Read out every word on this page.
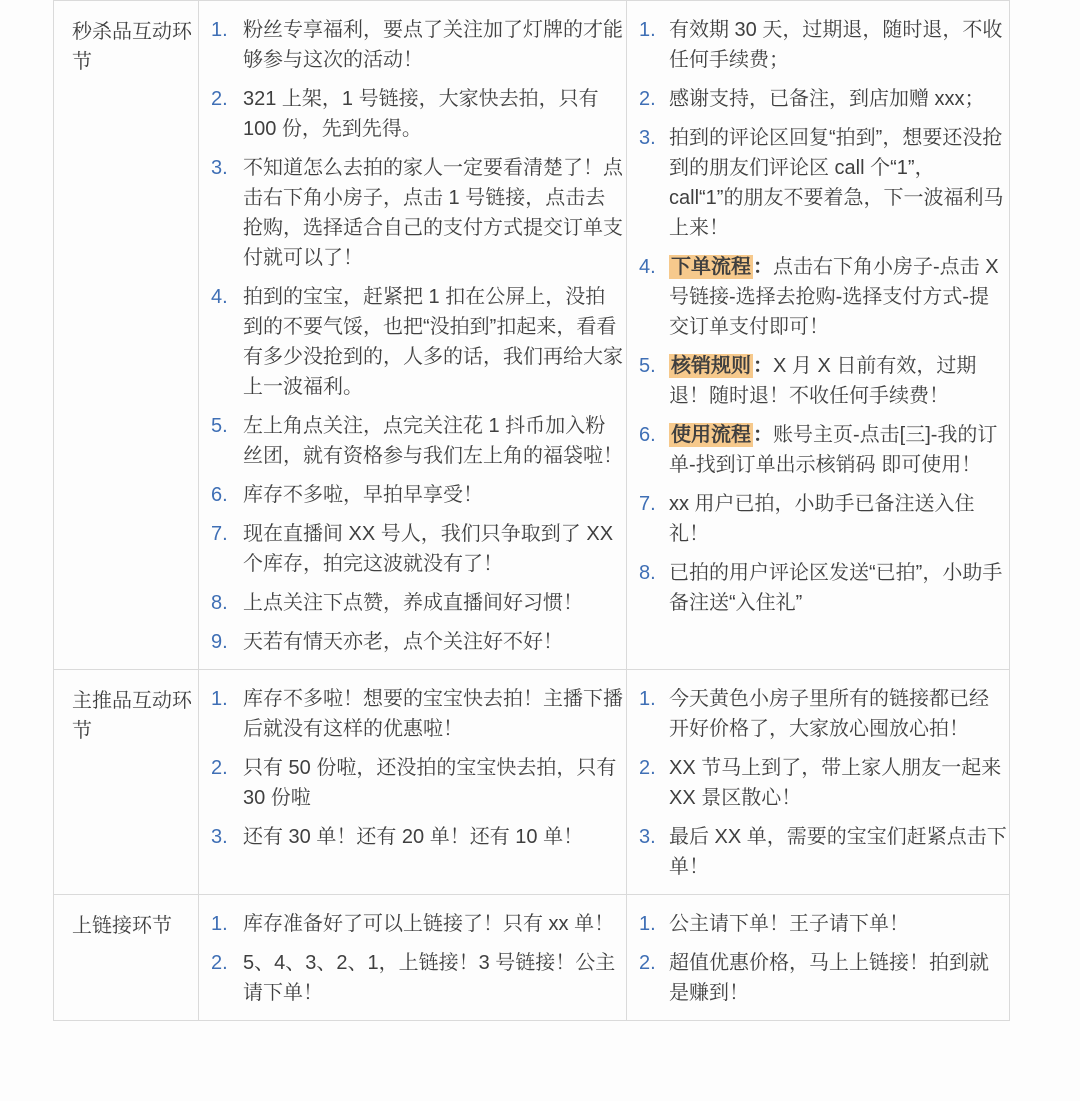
秒杀品互动环节
1. 粉丝专享福利，要点了关注加了灯牌的才能够参与这次的活动！
2. 321 上架，1 号链接，大家快去拍，只有 100 份，先到先得。
3. 不知道怎么去拍的家人一定要看清楚了！点击右下角小房子，点击 1 号链接，点击去抢购，选择适合自己的支付方式提交订单支付就可以了！
4. 拍到的宝宝，赶紧把 1 扣在公屏上，没拍到的不要气馁，也把“没拍到”扣起来，看看有多少没抢到的，人多的话，我们再给大家上一波福利。
5. 左上角点关注，点完关注花 1 抖币加入粉丝团，就有资格参与我们左上角的福袋啦！
6. 库存不多啦，早拍早享受！
7. 现在直播间 XX 号人，我们只争取到了 XX 个库存，拍完这波就没有了！
8. 上点关注下点赞，养成直播间好习惯！
9. 天若有情天亦老，点个关注好不好！
1. 有效期 30 天，过期退，随时退，不收任何手续费；
2. 感谢支持，已备注，到店加赠 xxx；
3. 拍到的评论区回复“拍到”，想要还没抢到的朋友们评论区 call 个“1”，call“1”的朋友不要着急，下一波福利马上来！
4. 下单流程 ：点击右下角小房子-点击 X 号链接-选择去抢购-选择支付方式-提交订单支付即可！
5. 核销规则 ：X 月 X 日前有效，过期退！随时退！不收任何手续费！
6. 使用流程 ：账号主页-点击[三]-我的订单-找到订单出示核销码 即可使用！
7. xx 用户已拍，小助手已备注送入住礼！
8. 已拍的用户评论区发送“已拍”，小助手备注送“入住礼”
主推品互动环节
1. 库存不多啦！想要的宝宝快去拍！主播下播后就没有这样的优惠啦！
2. 只有 50 份啦，还没拍的宝宝快去拍，只有 30 份啦
3. 还有 30 单！还有 20 单！还有 10 单！
1. 今天黄色小房子里所有的链接都已经开好价格了，大家放心囤放心拍！
2. XX 节马上到了，带上家人朋友一起来 XX 景区散心！
3. 最后 XX 单，需要的宝宝们赶紧点击下单！
上链接环节	1. 库存准备好了可以上链接了！只有 xx 单！
2. 5、4、3、2、1，上链接！3 号链接！公主请下单！
1. 公主请下单！王子请下单！
2. 超值优惠价格，马上上链接！拍到就是赚到！
